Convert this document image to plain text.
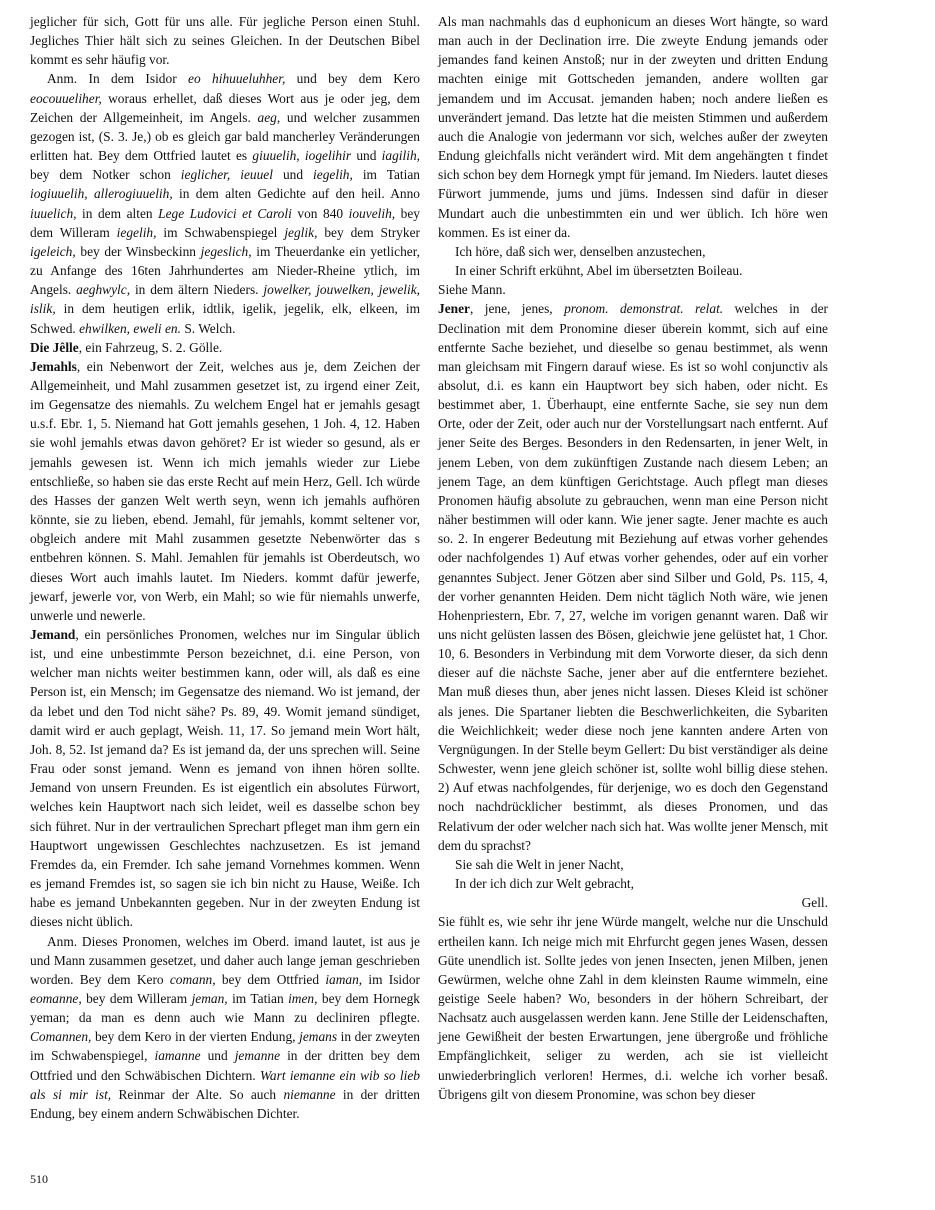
jeglicher für sich, Gott für uns alle. Für jegliche Person einen Stuhl. Jegliches Thier hält sich zu seines Gleichen. In der Deutschen Bibel kommt es sehr häufig vor.

Anm. In dem Isidor eo hihuueluhher, und bey dem Kero eocouueliher, woraus erhellet, daß dieses Wort aus je oder jeg, dem Zeichen der Allgemeinheit, im Angels. aeg, und welcher zusammen gezogen ist, (S. 3. Je,) ob es gleich gar bald mancherley Veränderungen erlitten hat. Bey dem Ottfried lautet es giuuelih, iogelihir und iagilih, bey dem Notker schon ieglicher, ieuuel und iegelih, im Tatian iogiuuelih, allerogiuuelih, in dem alten Gedichte auf den heil. Anno iuuelich, in dem alten Lege Ludovici et Caroli von 840 iouvelih, bey dem Willeram iegelih, im Schwabenspiegel jeglik, bey dem Stryker igeleich, bey der Winsbeckinn jegeslich, im Theuerdanke ein yetlicher, zu Anfange des 16ten Jahrhundertes am Nieder-Rheine ytlich, im Angels. aeghwylc, in dem ältern Nieders. jowelker, jouwelken, jewelik, islik, in dem heutigen erlik, idtlik, igelik, jegelik, elk, elkeen, im Schwed. ehwilken, eweli en. S. Welch.

Die Jêlle, ein Fahrzeug, S. 2. Gölle.

Jemahls, ein Nebenwort der Zeit, welches aus je, dem Zeichen der Allgemeinheit, und Mahl zusammen gesetzet ist, zu irgend einer Zeit, im Gegensatze des niemahls. Zu welchem Engel hat er jemahls gesagt u.s.f. Ebr. 1, 5. Niemand hat Gott jemahls gesehen, 1 Joh. 4, 12. Haben sie wohl jemahls etwas davon gehöret? Er ist wieder so gesund, als er jemahls gewesen ist. Wenn ich mich jemahls wieder zur Liebe entschließe, so haben sie das erste Recht auf mein Herz, Gell. Ich würde des Hasses der ganzen Welt werth seyn, wenn ich jemahls aufhören könnte, sie zu lieben, ebend. Jemahl, für jemahls, kommt seltener vor, obgleich andere mit Mahl zusammen gesetzte Nebenwörter das s entbehren können. S. Mahl. Jemahlen für jemahls ist Oberdeutsch, wo dieses Wort auch imahls lautet. Im Nieders. kommt dafür jewerfe, jewarf, jewerle vor, von Werb, ein Mahl; so wie für niemahls unwerfe, unwerle und newerle.

Jemand, ein persönliches Pronomen, welches nur im Singular üblich ist, und eine unbestimmte Person bezeichnet, d.i. eine Person, von welcher man nichts weiter bestimmen kann, oder will, als daß es eine Person ist, ein Mensch; im Gegensatze des niemand. Wo ist jemand, der da lebet und den Tod nicht sähe? Ps. 89, 49. Womit jemand sündiget, damit wird er auch geplagt, Weish. 11, 17. So jemand mein Wort hält, Joh. 8, 52. Ist jemand da? Es ist jemand da, der uns sprechen will. Seine Frau oder sonst jemand. Wenn es jemand von ihnen hören sollte. Jemand von unsern Freunden. Es ist eigentlich ein absolutes Fürwort, welches kein Hauptwort nach sich leidet, weil es dasselbe schon bey sich führet. Nur in der vertraulichen Sprechart pfleget man ihm gern ein Hauptwort ungewissen Geschlechtes nachzusetzen. Es ist jemand Fremdes da, ein Fremder. Ich sahe jemand Vornehmes kommen. Wenn es jemand Fremdes ist, so sagen sie ich bin nicht zu Hause, Weiße. Ich habe es jemand Unbekannten gegeben. Nur in der zweyten Endung ist dieses nicht üblich.

Anm. Dieses Pronomen, welches im Oberd. imand lautet, ist aus je und Mann zusammen gesetzet, und daher auch lange jeman geschrieben worden. Bey dem Kero comann, bey dem Ottfried iaman, im Isidor eomanne, bey dem Willeram jeman, im Tatian imen, bey dem Hornegk yeman; da man es denn auch wie Mann zu decliniren pflegte. Comannen, bey dem Kero in der vierten Endung, jemans in der zweyten im Schwabenspiegel, iamanne und jemanne in der dritten bey dem Ottfried und den Schwäbischen Dichtern. Wart iemanne ein wib so lieb als si mir ist, Reinmar der Alte. So auch niemanne in der dritten Endung, bey einem andern Schwäbischen Dichter.

Als man nachmahls das d euphonicum an dieses Wort hängte, so ward man auch in der Declination irre. Die zweyte Endung jemands oder jemandes fand keinen Anstoß; nur in der zweyten und dritten Endung machten einige mit Gottscheden jemanden, andere wollten gar jemandem und im Accusat. jemanden haben; noch andere ließen es unverändert jemand. Das letzte hat die meisten Stimmen und außerdem auch die Analogie von jedermann vor sich, welches außer der zweyten Endung gleichfalls nicht verändert wird. Mit dem angehängten t findet sich schon bey dem Hornegk ympt für jemand. Im Nieders. lautet dieses Fürwort jummende, jums und jüms. Indessen sind dafür in dieser Mundart auch die unbestimmten ein und wer üblich. Ich höre wen kommen. Es ist einer da.

Ich höre, daß sich wer, denselben anzustechen,

In einer Schrift erkühnt, Abel im übersetzten Boileau.

Siehe Mann.

Jener, jene, jenes, pronom. demonstrat. relat. welches in der Declination mit dem Pronomine dieser überein kommt, sich auf eine entfernte Sache beziehet, und dieselbe so genau bestimmet, als wenn man gleichsam mit Fingern darauf wiese. Es ist so wohl conjunctiv als absolut, d.i. es kann ein Hauptwort bey sich haben, oder nicht. Es bestimmet aber, 1. Überhaupt, eine entfernte Sache, sie sey nun dem Orte, oder der Zeit, oder auch nur der Vorstellungsart nach entfernt. Auf jener Seite des Berges. Besonders in den Redensarten, in jener Welt, in jenem Leben, von dem zukünftigen Zustande nach diesem Leben; an jenem Tage, an dem künftigen Gerichtstage. Auch pflegt man dieses Pronomen häufig absolute zu gebrauchen, wenn man eine Person nicht näher bestimmen will oder kann. Wie jener sagte. Jener machte es auch so. 2. In engerer Bedeutung mit Beziehung auf etwas vorher gehendes oder nachfolgendes 1) Auf etwas vorher gehendes, oder auf ein vorher genanntes Subject. Jener Götzen aber sind Silber und Gold, Ps. 115, 4, der vorher genannten Heiden. Dem nicht täglich Noth wäre, wie jenen Hohenpriestern, Ebr. 7, 27, welche im vorigen genannt waren. Daß wir uns nicht gelüsten lassen des Bösen, gleichwie jene gelüstet hat, 1 Chor. 10, 6. Besonders in Verbindung mit dem Vorworte dieser, da sich denn dieser auf die nächste Sache, jener aber auf die entferntere beziehet. Man muß dieses thun, aber jenes nicht lassen. Dieses Kleid ist schöner als jenes. Die Spartaner liebten die Beschwerlichkeiten, die Sybariten die Weichlichkeit; weder diese noch jene kannten andere Arten von Vergnügungen. In der Stelle beym Gellert: Du bist verständiger als deine Schwester, wenn jene gleich schöner ist, sollte wohl billig diese stehen. 2) Auf etwas nachfolgendes, für derjenige, wo es doch den Gegenstand noch nachdrücklicher bestimmt, als dieses Pronomen, und das Relativum der oder welcher nach sich hat. Was wollte jener Mensch, mit dem du sprachst?

Sie sah die Welt in jener Nacht,

In der ich dich zur Welt gebracht,

Gell.

Sie fühlt es, wie sehr ihr jene Würde mangelt, welche nur die Unschuld ertheilen kann. Ich neige mich mit Ehrfurcht gegen jenes Wasen, dessen Güte unendlich ist. Sollte jedes von jenen Insecten, jenen Milben, jenen Gewürmen, welche ohne Zahl in dem kleinsten Raume wimmeln, eine geistige Seele haben? Wo, besonders in der höhern Schreibart, der Nachsatz auch ausgelassen werden kann. Jene Stille der Leidenschaften, jene Gewißheit der besten Erwartungen, jene übergroße und fröhliche Empfänglichkeit, seliger zu werden, ach sie ist vielleicht unwiederbringlich verloren! Hermes, d.i. welche ich vorher besaß. Übrigens gilt von diesem Pronomine, was schon bey dieser

510
